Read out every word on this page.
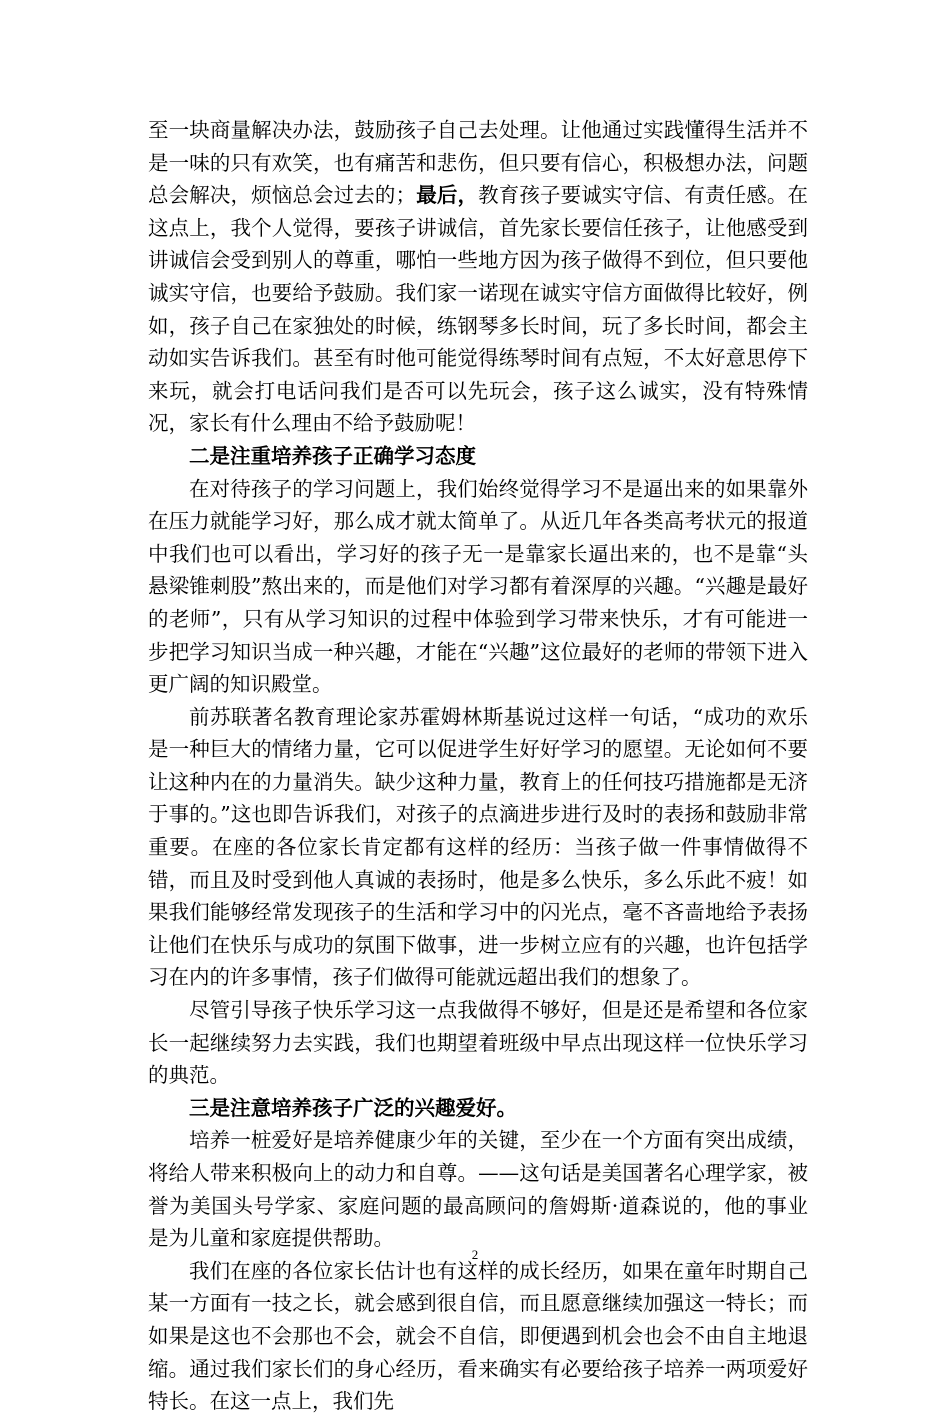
至一块商量解决办法，鼓励孩子自己去处理。让他通过实践懂得生活并不是一味的只有欢笑，也有痛苦和悲伤，但只要有信心，积极想办法，问题总会解决，烦恼总会过去的；最后，教育孩子要诚实守信、有责任感。在这点上，我个人觉得，要孩子讲诚信，首先家长要信任孩子，让他感受到讲诚信会受到别人的尊重，哪怕一些地方因为孩子做得不到位，但只要他诚实守信，也要给予鼓励。我们家一诺现在诚实守信方面做得比较好，例如，孩子自己在家独处的时候，练钢琴多长时间，玩了多长时间，都会主动如实告诉我们。甚至有时他可能觉得练琴时间有点短，不太好意思停下来玩，就会打电话问我们是否可以先玩会，孩子这么诚实，没有特殊情况，家长有什么理由不给予鼓励呢！

二是注重培养孩子正确学习态度

在对待孩子的学习问题上，我们始终觉得学习不是逼出来的如果靠外在压力就能学习好，那么成才就太简单了。从近几年各类高考状元的报道中我们也可以看出，学习好的孩子无一是靠家长逼出来的，也不是靠“头悬梁锥刺股”熬出来的，而是他们对学习都有着深厚的兴趣。“兴趣是最好的老师”，只有从学习知识的过程中体验到学习带来快乐，才有可能进一步把学习知识当成一种兴趣，才能在“兴趣”这位最好的老师的带领下进入更广阔的知识殿堂。

前苏联著名教育理论家苏霍姆林斯基说过这样一句话，“成功的欢乐是一种巨大的情绪力量，它可以促进学生好好学习的愿望。无论如何不要让这种内在的力量消失。缺少这种力量，教育上的任何技巧措施都是无济于事的。”这也即告诉我们，对孩子的点滴进步进行及时的表扬和鼓励非常重要。在座的各位家长肯定都有这样的经历：当孩子做一件事情做得不错，而且及时受到他人真诚的表扬时，他是多么快乐，多么乐此不疲！如果我们能够经常发现孩子的生活和学习中的闪光点，毫不吝啬地给予表扬让他们在快乐与成功的氛围下做事，进一步树立应有的兴趣，也许包括学习在内的许多事情，孩子们做得可能就远超出我们的想象了。

尽管引导孩子快乐学习这一点我做得不够好，但是还是希望和各位家长一起继续努力去实践，我们也期望着班级中早点出现这样一位快乐学习的典范。

三是注意培养孩子广泛的兴趣爱好。

培养一桩爱好是培养健康少年的关键，至少在一个方面有突出成绩，将给人带来积极向上的动力和自尊。——这句话是美国著名心理学家，被誉为美国头号学家、家庭问题的最高顾问的詹姆斯·道森说的，他的事业是为儿童和家庭提供帮助。

我们在座的各位家长估计也有这样的成长经历，如果在童年时期自己某一方面有一技之长，就会感到很自信，而且愿意继续加强这一特长；而如果是这也不会那也不会，就会不自信，即便遇到机会也会不由自主地退缩。通过我们家长们的身心经历，看来确实有必要给孩子培养一两项爱好特长。在这一点上，我们先

2
